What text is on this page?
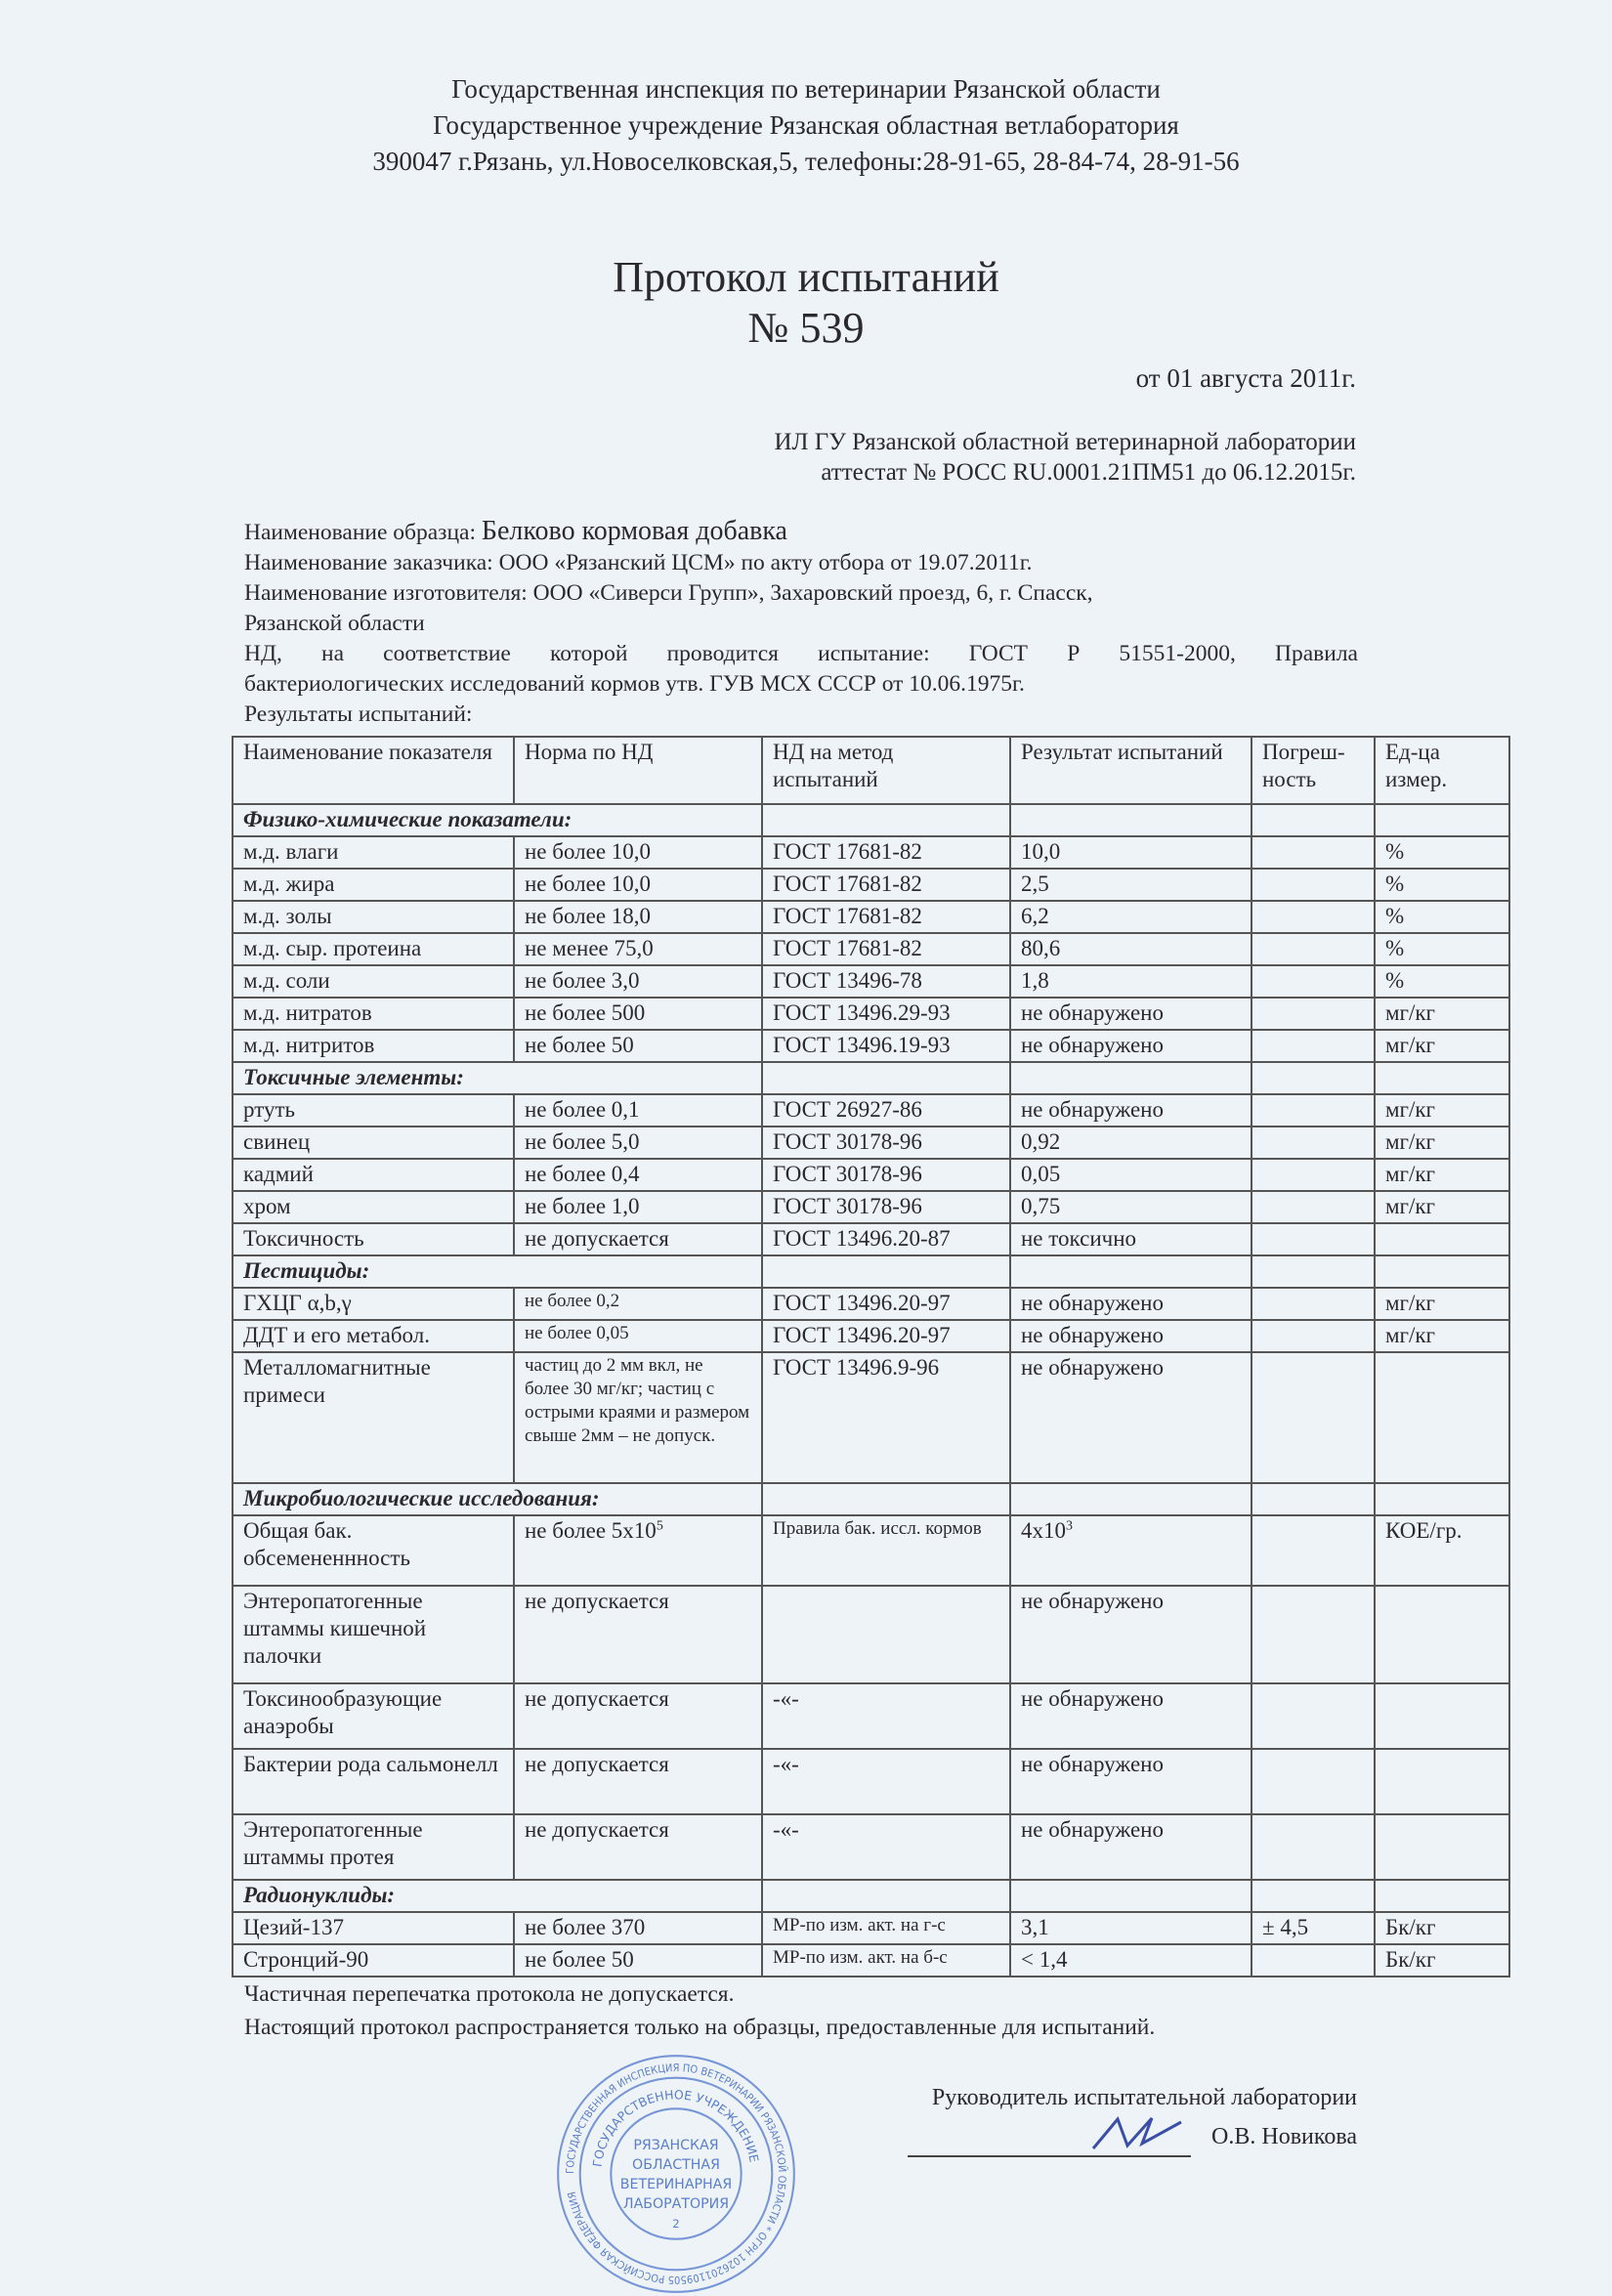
Государственная инспекция по ветеринарии Рязанской области
Государственное учреждение Рязанская областная ветлаборатория
390047 г.Рязань, ул.Новоселковская,5, телефоны:28-91-65, 28-84-74, 28-91-56
Протокол испытаний
№ 539
от 01 августа 2011г.
ИЛ ГУ Рязанской областной ветеринарной лаборатории
аттестат № РОСС RU.0001.21ПМ51 до 06.12.2015г.

Наименование образца: Белково кормовая добавка

Наименование заказчика: ООО «Рязанский ЦСМ» по акту отбора от 19.07.2011г.

Наименование изготовителя: ООО «Сиверси Групп», Захаровский проезд, 6, г. Спасск,

Рязанской области

НД, на соответствие которой проводится испытание: ГОСТ Р 51551-2000, Правила

бактериологических исследований кормов утв. ГУВ МСХ СССР от 10.06.1975г.

Результаты испытаний:

Наименование показателя	Норма по НД	НД на метод испытаний	Результат испытаний	Погреш-ность	Ед-ца измер.
Физико-химические показатели:					
м.д. влаги	не более 10,0	ГОСТ 17681-82	10,0		%
м.д. жира	не более 10,0	ГОСТ 17681-82	2,5		%
м.д. золы	не более 18,0	ГОСТ 17681-82	6,2		%
м.д. сыр. протеина	не менее 75,0	ГОСТ 17681-82	80,6		%
м.д. соли	не более 3,0	ГОСТ 13496-78	1,8		%
м.д. нитратов	не более 500	ГОСТ 13496.29-93	не обнаружено		мг/кг
м.д. нитритов	не более 50	ГОСТ 13496.19-93	не обнаружено		мг/кг
Токсичные элементы:					
ртуть	не более 0,1	ГОСТ 26927-86	не обнаружено		мг/кг
свинец	не более 5,0	ГОСТ 30178-96	0,92		мг/кг
кадмий	не более 0,4	ГОСТ 30178-96	0,05		мг/кг
хром	не более 1,0	ГОСТ 30178-96	0,75		мг/кг
Токсичность	не допускается	ГОСТ 13496.20-87	не токсично		
Пестициды:					
ГХЦГ α,b,γ	не более 0,2	ГОСТ 13496.20-97	не обнаружено		мг/кг
ДДТ и его метабол.	не более 0,05	ГОСТ 13496.20-97	не обнаружено		мг/кг
Металломагнитные примеси	частиц до 2 мм вкл, не более 30 мг/кг; частиц с острыми краями и размером свыше 2мм – не допуск.	ГОСТ 13496.9-96	не обнаружено		
Микробиологические исследования:					
Общая бак. обсемененнность	не более $5x10^5$	Правила бак. иссл. кормов	$4x10^3$		КОЕ/гр.
Энтеропатогенные штаммы кишечной палочки	не допускается		не обнаружено		
Токсинообразующие анаэробы	не допускается	-«-	не обнаружено		
Бактерии рода сальмонелл	не допускается	-«-	не обнаружено		
Энтеропатогенные штаммы протея	не допускается	-«-	не обнаружено		
Радионуклиды:					
Цезий-137	не более 370	МР-по изм. акт. на г-с	3,1	± 4,5	Бк/кг
Стронций-90	не более 50	МР-по изм. акт. на б-с	< 1,4		Бк/кг
Частичная перепечатка протокола не допускается.
Настоящий протокол распространяется только на образцы, предоставленные для испытаний.
ГОСУДАРСТВЕННАЯ ИНСПЕКЦИЯ ПО ВЕТЕРИНАРИИ РЯЗАНСКОЙ ОБЛАСТИ * ОГРН 1026201109505 РОССИЙСКАЯ ФЕДЕРАЦИЯ
ГОСУДАРСТВЕННОЕ УЧРЕЖДЕНИЕ
РЯЗАНСКАЯ
ОБЛАСТНАЯ
ВЕТЕРИНАРНАЯ
ЛАБОРАТОРИЯ
2
Руководитель испытательной лаборатории
О.В. Новикова
